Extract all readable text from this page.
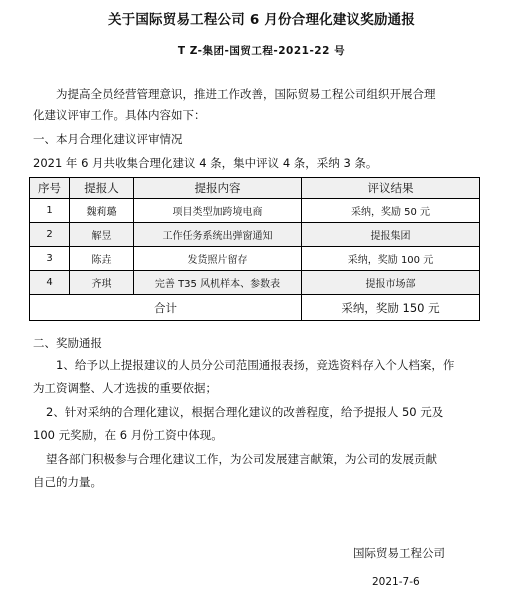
关于国际贸易工程公司 6 月份合理化建议奖励通报
T Z-集团-国贸工程-2021-22 号
为提高全员经营管理意识，推进工作改善，国际贸易工程公司组织开展合理
化建议评审工作。具体内容如下：
一、本月合理化建议评审情况
2021 年 6 月共收集合理化建议 4 条，集中评议 4 条，采纳 3 条。
序号	提报人	提报内容	评议结果
1	魏莉璐	项目类型加跨境电商	采纳，奖励 50 元
2	解昱	工作任务系统出弹窗通知	提报集团
3	陈垚	发货照片留存	采纳，奖励 100 元
4	齐琪	完善 T35 风机样本、参数表	提报市场部
合计			采纳，奖励 150 元
二、奖励通报
1、给予以上提报建议的人员分公司范围通报表扬，竞选资料存入个人档案，作
为工资调整、人才选拔的重要依据；
2、针对采纳的合理化建议，根据合理化建议的改善程度，给予提报人 50 元及
100 元奖励，在 6 月份工资中体现。
望各部门积极参与合理化建议工作，为公司发展建言献策，为公司的发展贡献
自己的力量。
国际贸易工程公司
2021-7-6
